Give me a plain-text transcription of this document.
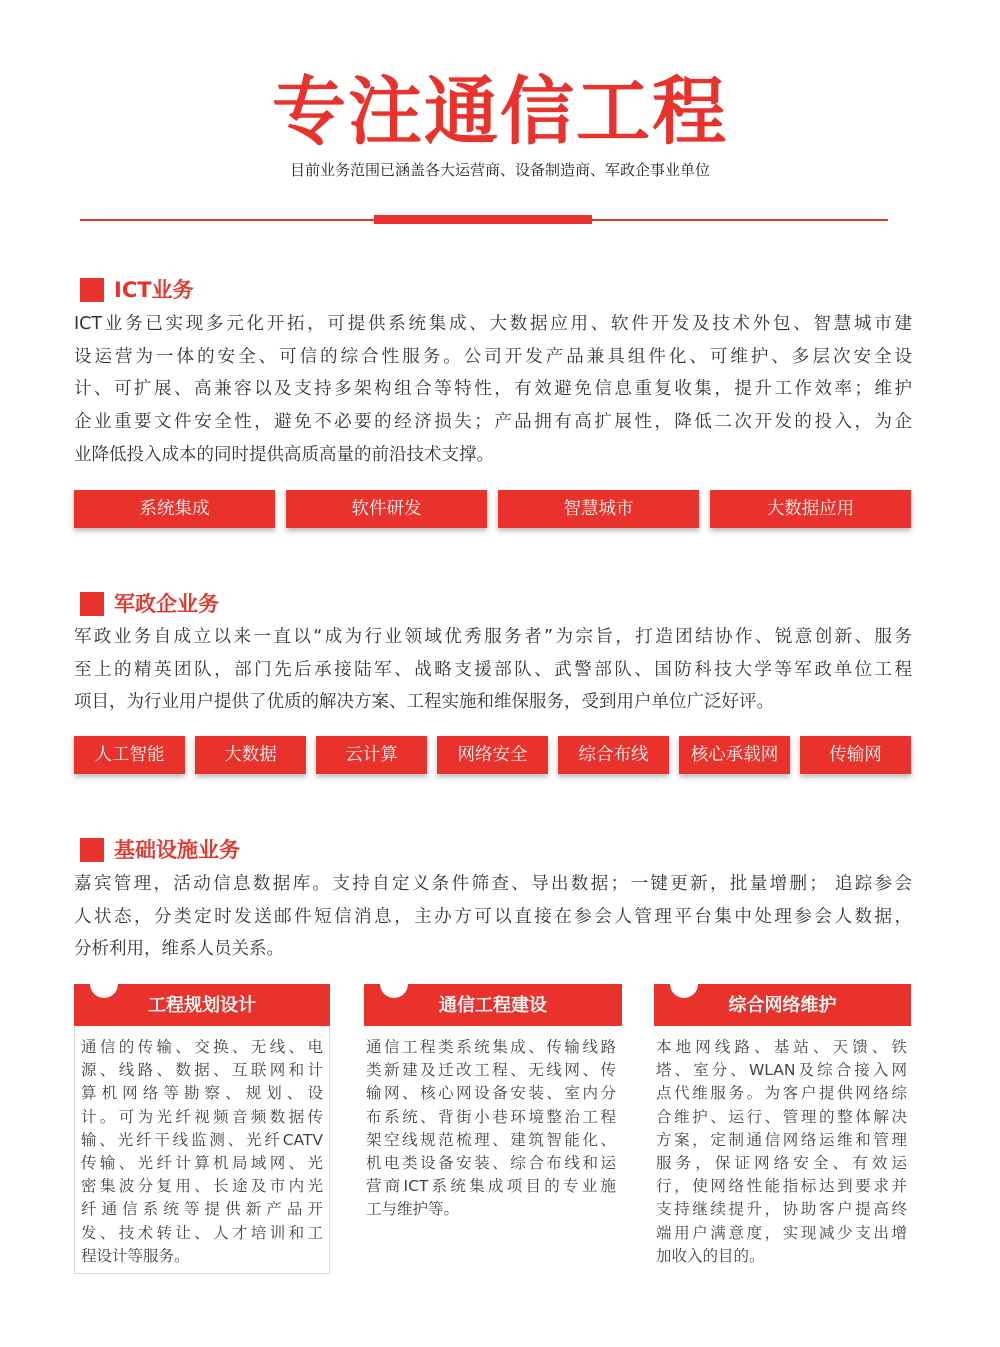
专注通信工程
目前业务范围已涵盖各大运营商、设备制造商、军政企事业单位
ICT业务
ICT业务已实现多元化开拓，可提供系统集成、大数据应用、软件开发及技术外包、智慧城市建
设运营为一体的安全、可信的综合性服务。公司开发产品兼具组件化、可维护、多层次安全设
计、可扩展、高兼容以及支持多架构组合等特性，有效避免信息重复收集，提升工作效率；维护
企业重要文件安全性，避免不必要的经济损失；产品拥有高扩展性，降低二次开发的投入，为企
业降低投入成本的同时提供高质高量的前沿技术支撑。
系统集成	软件研发	智慧城市	大数据应用
军政企业务
军政业务自成立以来一直以“成为行业领域优秀服务者”为宗旨，打造团结协作、锐意创新、服务
至上的精英团队，部门先后承接陆军、战略支援部队、武警部队、国防科技大学等军政单位工程
项目，为行业用户提供了优质的解决方案、工程实施和维保服务，受到用户单位广泛好评。
人工智能	大数据	云计算	网络安全	综合布线	核心承载网	传输网
基础设施业务
嘉宾管理，活动信息数据库。支持自定义条件筛查、导出数据；一键更新，批量增删； 追踪参会
人状态，分类定时发送邮件短信消息，主办方可以直接在参会人管理平台集中处理参会人数据，
分析利用，维系人员关系。
工程规划设计
通信的传输、交换、无线、电
源、线路、数据、互联网和计
算机网络等勘察、规划、设
计。可为光纤视频音频数据传
输、光纤干线监测、光纤CATV
传输、光纤计算机局域网、光
密集波分复用、长途及市内光
纤通信系统等提供新产品开
发、技术转让、人才培训和工
程设计等服务。
通信工程建设
通信工程类系统集成、传输线路
类新建及迁改工程、无线网、传
输网、核心网设备安装、室内分
布系统、背街小巷环境整治工程
架空线规范梳理、建筑智能化、
机电类设备安装、综合布线和运
营商ICT系统集成项目的专业施
工与维护等。
综合网络维护
本地网线路、基站、天馈、铁
塔、室分、WLAN及综合接入网
点代维服务。为客户提供网络综
合维护、运行、管理的整体解决
方案，定制通信网络运维和管理
服务，保证网络安全、有效运
行，使网络性能指标达到要求并
支持继续提升，协助客户提高终
端用户满意度，实现减少支出增
加收入的目的。
